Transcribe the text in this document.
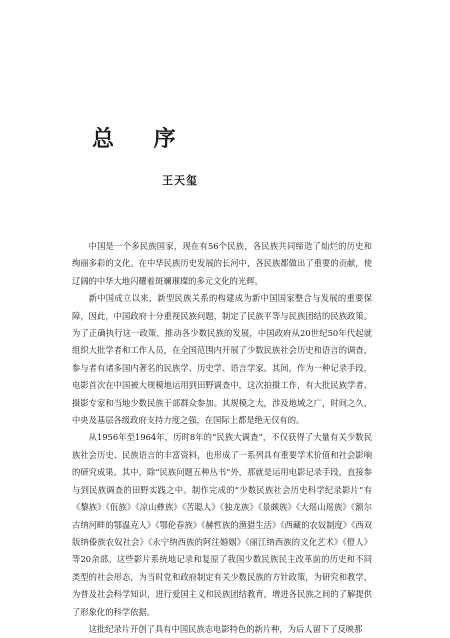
总 序
王天玺

中国是一个多民族国家，现在有56个民族，各民族共同缔造了灿烂的历史和绚丽多彩的文化。在中华民族历史发展的长河中，各民族都做出了重要的贡献，使辽阔的中华大地闪耀着斑斓璀璨的多元文化的光辉。

新中国成立以来，新型民族关系的构建成为新中国国家整合与发展的重要保障，因此，中国政府十分重视民族问题，制定了民族平等与民族团结的民族政策。为了正确执行这一政策，推动各少数民族的发展，中国政府从20世纪50年代起就组织大批学者和工作人员，在全国范围内开展了少数民族社会历史和语言的调查，参与者有诸多国内著名的民族学、历史学、语言学家。其间，作为一种记录手段，电影首次在中国被大规模地运用到田野调查中，这次拍摄工作，有大批民族学者、摄影专家和当地少数民族干部群众参加。其规模之大，涉及地域之广，时间之久，中央及基层各级政府支持力度之强，在国际上都是绝无仅有的。

从1956年至1964年，历时8年的“民族大调查”，不仅获得了大量有关少数民族社会历史、民族语言的丰富资料，也形成了一系列具有重要学术价值和社会影响的研究成果。其中，除“民族问题五种丛书”外，那就是运用电影记录手段，直接参与到民族调查的田野实践之中。制作完成的“少数民族社会历史科学纪录影片”有《黎族》《佤族》《凉山彝族》《苦聪人》《独龙族》《景颇族》《大瑶山瑶族》《额尔古纳河畔的鄂温克人》《鄂伦春族》《赫哲族的渔猎生活》《西藏的农奴制度》《西双版纳傣族农奴社会》《永宁纳西族的阿注婚姻》《丽江纳西族的文化艺术》《僜人》等20余部。这些影片系统地记录和复原了我国少数民族民主改革前的历史和不同类型的社会形态，为当时党和政府制定有关少数民族的方针政策，为研究和教学，为普及社会科学知识，进行爱国主义和民族团结教育，增进各民族之间的了解提供了形象化的科学依据。

这批纪录片开创了具有中国民族志电影特色的新片种，为后人留下了反映那
